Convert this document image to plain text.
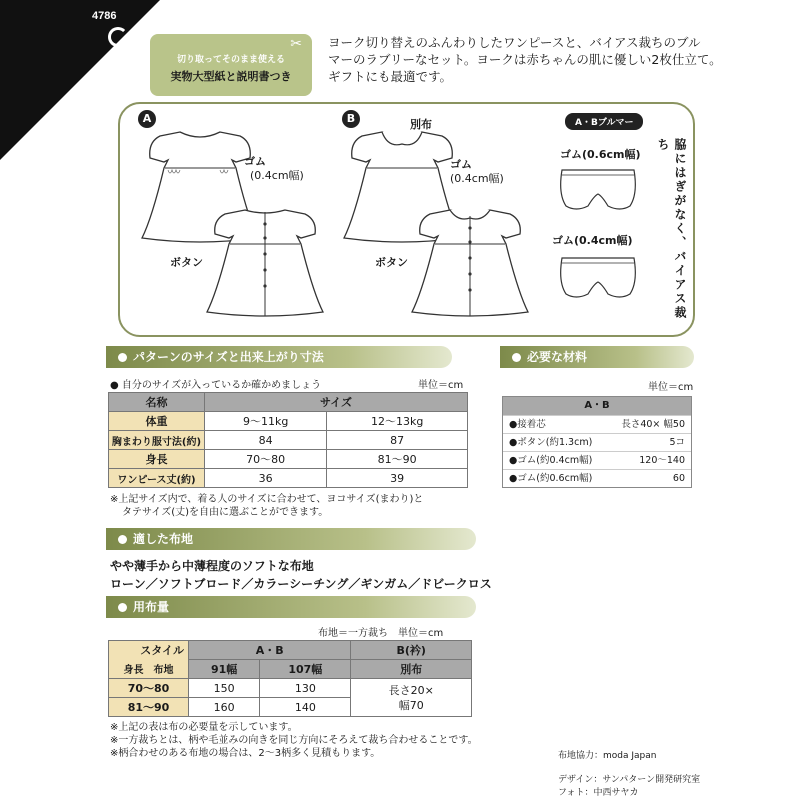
4786
✂
切り取ってそのまま使える
実物大型紙と説明書つき
ヨーク切り替えのふんわりしたワンピースと、バイアス裁ちのブル
マーのラブリーなセット。ヨークは赤ちゃんの肌に優しい2枚仕立て。
ギフトにも最適です。
A	B	A・Bブルマー
ゴム
(0.4cm幅)
ボタン
別布
ゴム
(0.4cm幅)
ボタン
ゴム(0.6cm幅)
ゴム(0.4cm幅)	脇にはぎがなく、バイアス裁ち
パターンのサイズと出来上がり寸法
● 自分のサイズが入っているか確かめましょう	単位＝cm
名称	サイズ	
体重	9〜11kg	12〜13kg
胸まわり服寸法(約)	84	87
身長	70〜80	81〜90
ワンピース丈(約)	36	39
※上記サイズ内で、着る人のサイズに合わせて、ヨコサイズ(まわり)と
タテサイズ(丈)を自由に選ぶことができます。
必要な材料
単位＝cm
A・B
●接着芯	長さ40× 幅50
●ボタン(約1.3cm)	5コ
●ゴム(約0.4cm幅)	120〜140
●ゴム(約0.6cm幅)	60
適した布地
やや薄手から中薄程度のソフトな布地
ローン／ソフトブロード／カラーシーチング／ギンガム／ドビークロス
用布量
布地＝一方裁ち　単位＝cm
スタイル	A・B		B(衿)
身長　 布地	91幅	107幅	別布
70〜80	150	130	長さ20×
幅70

81〜90	160	140	
※上記の表は布の必要量を示しています。
※一方裁ちとは、柄や毛並みの向きを同じ方向にそろえて裁ち合わせることです。
※柄合わせのある布地の場合は、2〜3柄多く見積もります。	布地協力：moda Japan
デザイン：サンパターン開発研究室
フォト：中西サヤカ
